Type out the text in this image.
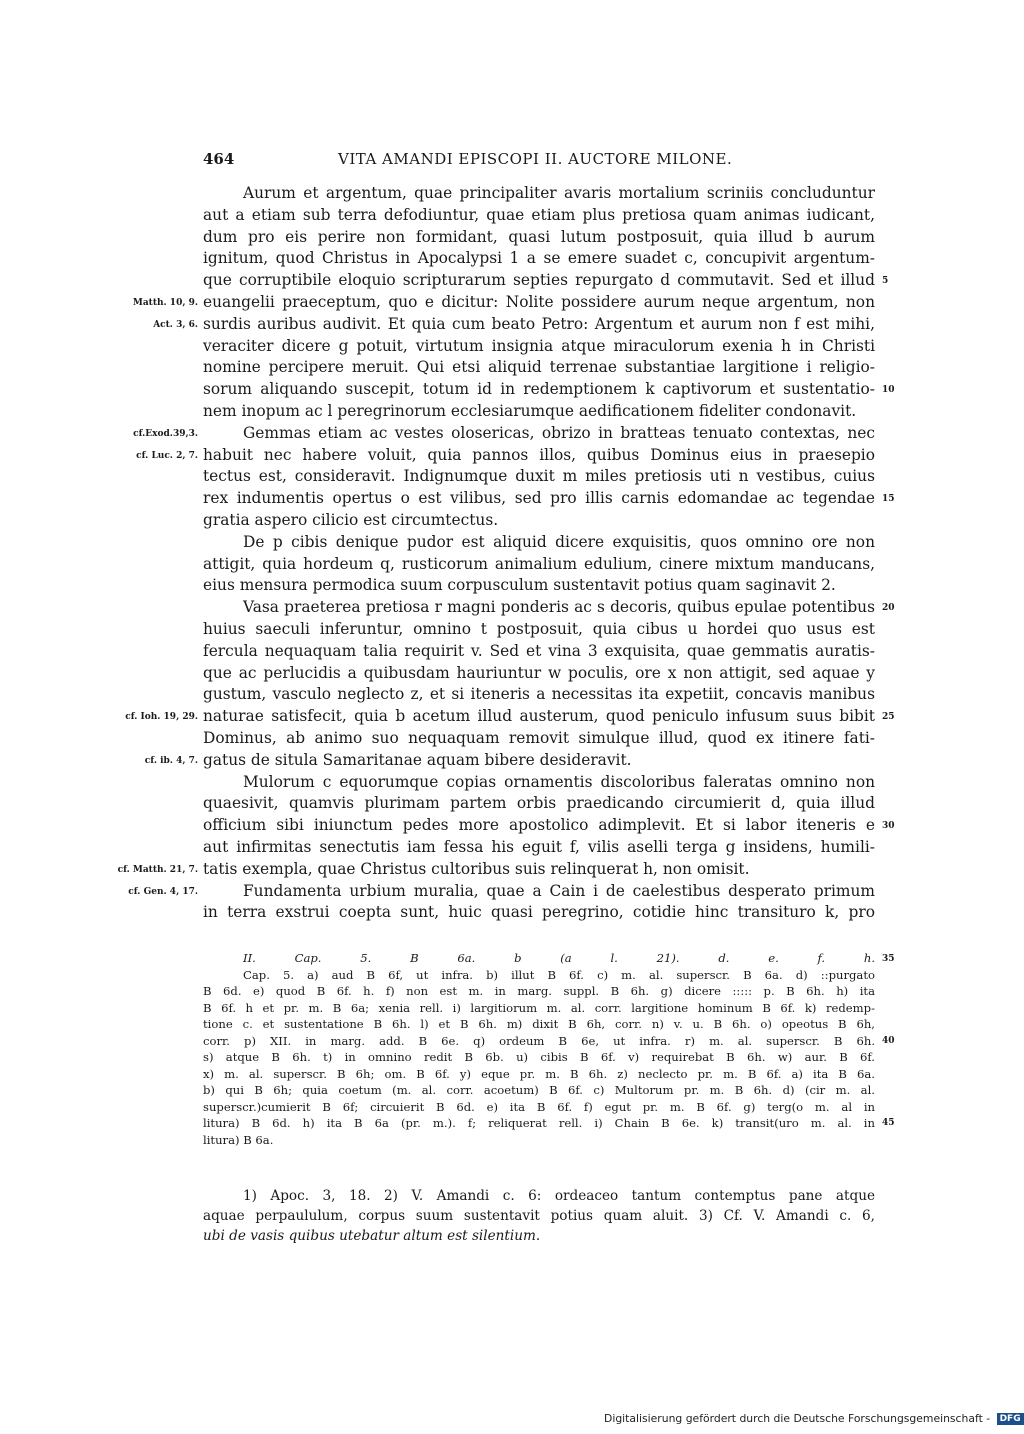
464	VITA AMANDI EPISCOPI II. AUCTORE MILONE.
Aurum et argentum, quae principaliter avaris mortalium scriniis concluduntur
aut a etiam sub terra defodiuntur, quae etiam plus pretiosa quam animas iudicant,
dum pro eis perire non formidant, quasi lutum postposuit, quia illud b aurum
ignitum, quod Christus in Apocalypsi 1 a se emere suadet c, concupivit argentum-
que corruptibile eloquio scripturarum septies repurgato d commutavit. Sed et illud
euangelii praeceptum, quo e dicitur: Nolite possidere aurum neque argentum, non
surdis auribus audivit. Et quia cum beato Petro: Argentum et aurum non f est mihi,
veraciter dicere g potuit, virtutum insignia atque miraculorum exenia h in Christi
nomine percipere meruit. Qui etsi aliquid terrenae substantiae largitione i religio-
sorum aliquando suscepit, totum id in redemptionem k captivorum et sustentatio-
nem inopum ac l peregrinorum ecclesiarumque aedificationem fideliter condonavit.
Gemmas etiam ac vestes olosericas, obrizo in bratteas tenuato contextas, nec
habuit nec habere voluit, quia pannos illos, quibus Dominus eius in praesepio
tectus est, consideravit. Indignumque duxit m miles pretiosis uti n vestibus, cuius
rex indumentis opertus o est vilibus, sed pro illis carnis edomandae ac tegendae
gratia aspero cilicio est circumtectus.
De p cibis denique pudor est aliquid dicere exquisitis, quos omnino ore non
attigit, quia hordeum q, rusticorum animalium edulium, cinere mixtum manducans,
eius mensura permodica suum corpusculum sustentavit potius quam saginavit 2.
Vasa praeterea pretiosa r magni ponderis ac s decoris, quibus epulae potentibus
huius saeculi inferuntur, omnino t postposuit, quia cibus u hordei quo usus est
fercula nequaquam talia requirit v. Sed et vina 3 exquisita, quae gemmatis auratis-
que ac perlucidis a quibusdam hauriuntur w poculis, ore x non attigit, sed aquae y
gustum, vasculo neglecto z, et si iteneris a necessitas ita expetiit, concavis manibus
naturae satisfecit, quia b acetum illud austerum, quod peniculo infusum suus bibit
Dominus, ab animo suo nequaquam removit simulque illud, quod ex itinere fati-
gatus de situla Samaritanae aquam bibere desideravit.
Mulorum c equorumque copias ornamentis discoloribus faleratas omnino non
quaesivit, quamvis plurimam partem orbis praedicando circumierit d, quia illud
officium sibi iniunctum pedes more apostolico adimplevit. Et si labor iteneris e
aut infirmitas senectutis iam fessa his eguit f, vilis aselli terga g insidens, humili-
tatis exempla, quae Christus cultoribus suis relinquerat h, non omisit.
Fundamenta urbium muralia, quae a Cain i de caelestibus desperato primum
in terra exstrui coepta sunt, huic quasi peregrino, cotidie hinc transituro k, pro
Matth. 10, 9.
Act. 3, 6.
cf.Exod.39,3.
cf. Luc. 2, 7.
cf. Ioh. 19, 29.
cf. ib. 4, 7.
cf. Matth. 21, 7.
cf. Gen. 4, 17.
5
10
15
20
25
30
35
40
45
II. Cap. 5. B 6a. b (a l. 21). d. e. f. h.
Cap. 5. a) aud B 6f, ut infra. b) illut B 6f. c) m. al. superscr. B 6a. d) ::purgato
B 6d. e) quod B 6f. h. f) non est m. in marg. suppl. B 6h. g) dicere ::::: p. B 6h. h) ita
B 6f. h et pr. m. B 6a; xenia rell. i) largitiorum m. al. corr. largitione hominum B 6f. k) redemp-
tione c. et sustentatione B 6h. l) et B 6h. m) dixit B 6h, corr. n) v. u. B 6h. o) opeotus B 6h,
corr. p) XII. in marg. add. B 6e. q) ordeum B 6e, ut infra. r) m. al. superscr. B 6h.
s) atque B 6h. t) in omnino redit B 6b. u) cibis B 6f. v) requirebat B 6h. w) aur. B 6f.
x) m. al. superscr. B 6h; om. B 6f. y) eque pr. m. B 6h. z) neclecto pr. m. B 6f. a) ita B 6a.
b) qui B 6h; quia coetum (m. al. corr. acoetum) B 6f. c) Multorum pr. m. B 6h. d) (cir m. al.
superscr.)cumierit B 6f; circuierit B 6d. e) ita B 6f. f) egut pr. m. B 6f. g) terg(o m. al in
litura) B 6d. h) ita B 6a (pr. m.). f; reliquerat rell. i) Chain B 6e. k) transit(uro m. al. in
litura) B 6a.
1) Apoc. 3, 18. 2) V. Amandi c. 6: ordeaceo tantum contemptus pane atque
aquae perpaululum, corpus suum sustentavit potius quam aluit. 3) Cf. V. Amandi c. 6,
ubi de vasis quibus utebatur altum est silentium.
Digitalisierung gefördert durch die Deutsche Forschungsgemeinschaft - DFG
